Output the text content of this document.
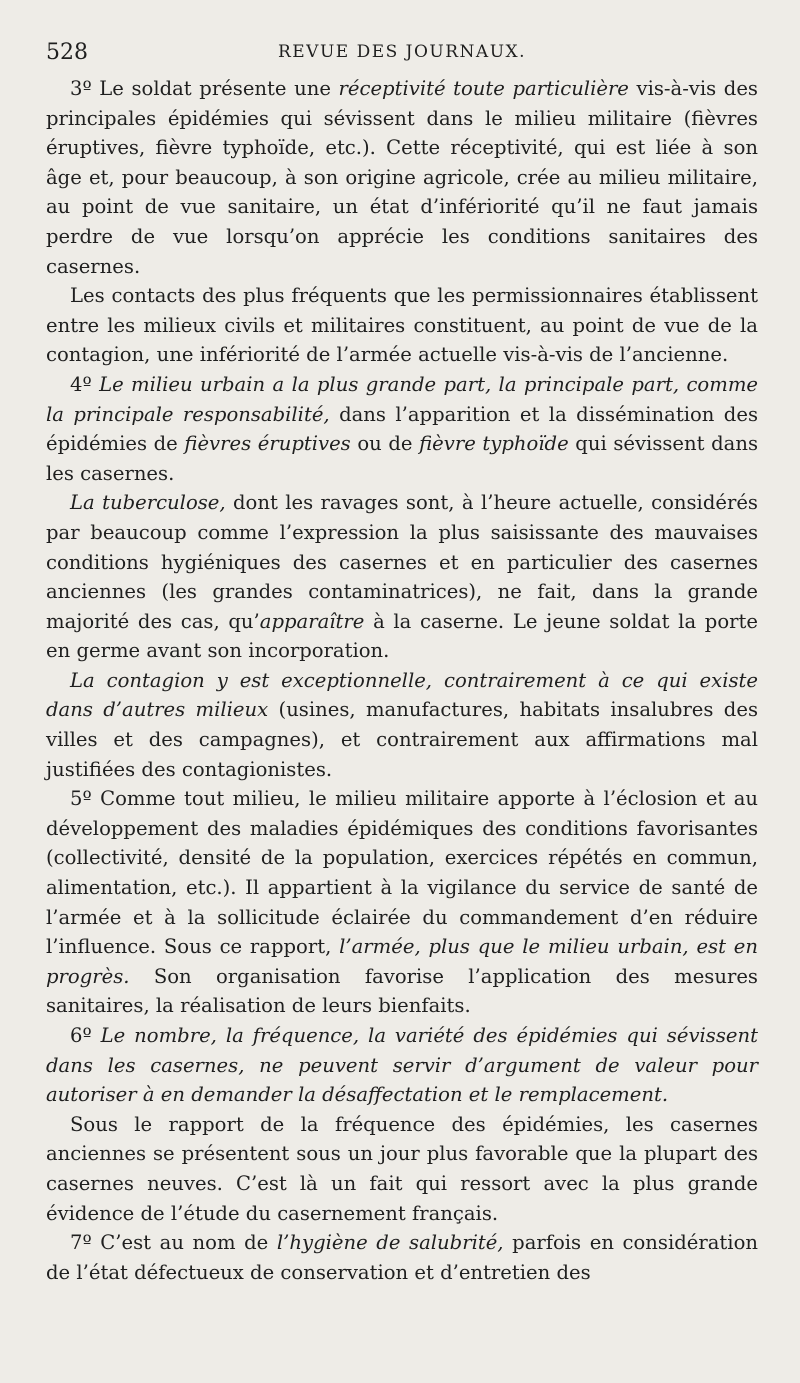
528	REVUE DES JOURNAUX.

3º Le soldat présente une réceptivité toute particulière vis-à-vis des principales épidémies qui sévissent dans le milieu militaire (fièvres éruptives, fièvre typhoïde, etc.). Cette réceptivité, qui est liée à son âge et, pour beaucoup, à son origine agricole, crée au milieu militaire, au point de vue sanitaire, un état d’infériorité qu’il ne faut jamais perdre de vue lorsqu’on apprécie les conditions sanitaires des casernes.

Les contacts des plus fréquents que les permissionnaires établissent entre les milieux civils et militaires constituent, au point de vue de la contagion, une infériorité de l’armée actuelle vis-à-vis de l’ancienne.

4º Le milieu urbain a la plus grande part, la principale part, comme la principale responsabilité, dans l’apparition et la dissémination des épidémies de fièvres éruptives ou de fièvre typhoïde qui sévissent dans les casernes.

La tuberculose, dont les ravages sont, à l’heure actuelle, considérés par beaucoup comme l’expression la plus saisissante des mauvaises conditions hygiéniques des casernes et en particulier des casernes anciennes (les grandes contaminatrices), ne fait, dans la grande majorité des cas, qu’apparaître à la caserne. Le jeune soldat la porte en germe avant son incorporation.

La contagion y est exceptionnelle, contrairement à ce qui existe dans d’autres milieux (usines, manufactures, habitats insalubres des villes et des campagnes), et contrairement aux affirmations mal justifiées des contagionistes.

5º Comme tout milieu, le milieu militaire apporte à l’éclosion et au développement des maladies épidémiques des conditions favorisantes (collectivité, densité de la population, exercices répétés en commun, alimentation, etc.). Il appartient à la vigilance du service de santé de l’armée et à la sollicitude éclairée du commandement d’en réduire l’influence. Sous ce rapport, l’armée, plus que le milieu urbain, est en progrès. Son organisation favorise l’application des mesures sanitaires, la réalisation de leurs bienfaits.

6º Le nombre, la fréquence, la variété des épidémies qui sévissent dans les casernes, ne peuvent servir d’argument de valeur pour autoriser à en demander la désaffectation et le remplacement.

Sous le rapport de la fréquence des épidémies, les casernes anciennes se présentent sous un jour plus favorable que la plupart des casernes neuves. C’est là un fait qui ressort avec la plus grande évidence de l’étude du casernement français.

7º C’est au nom de l’hygiène de salubrité, parfois en considération de l’état défectueux de conservation et d’entretien des
